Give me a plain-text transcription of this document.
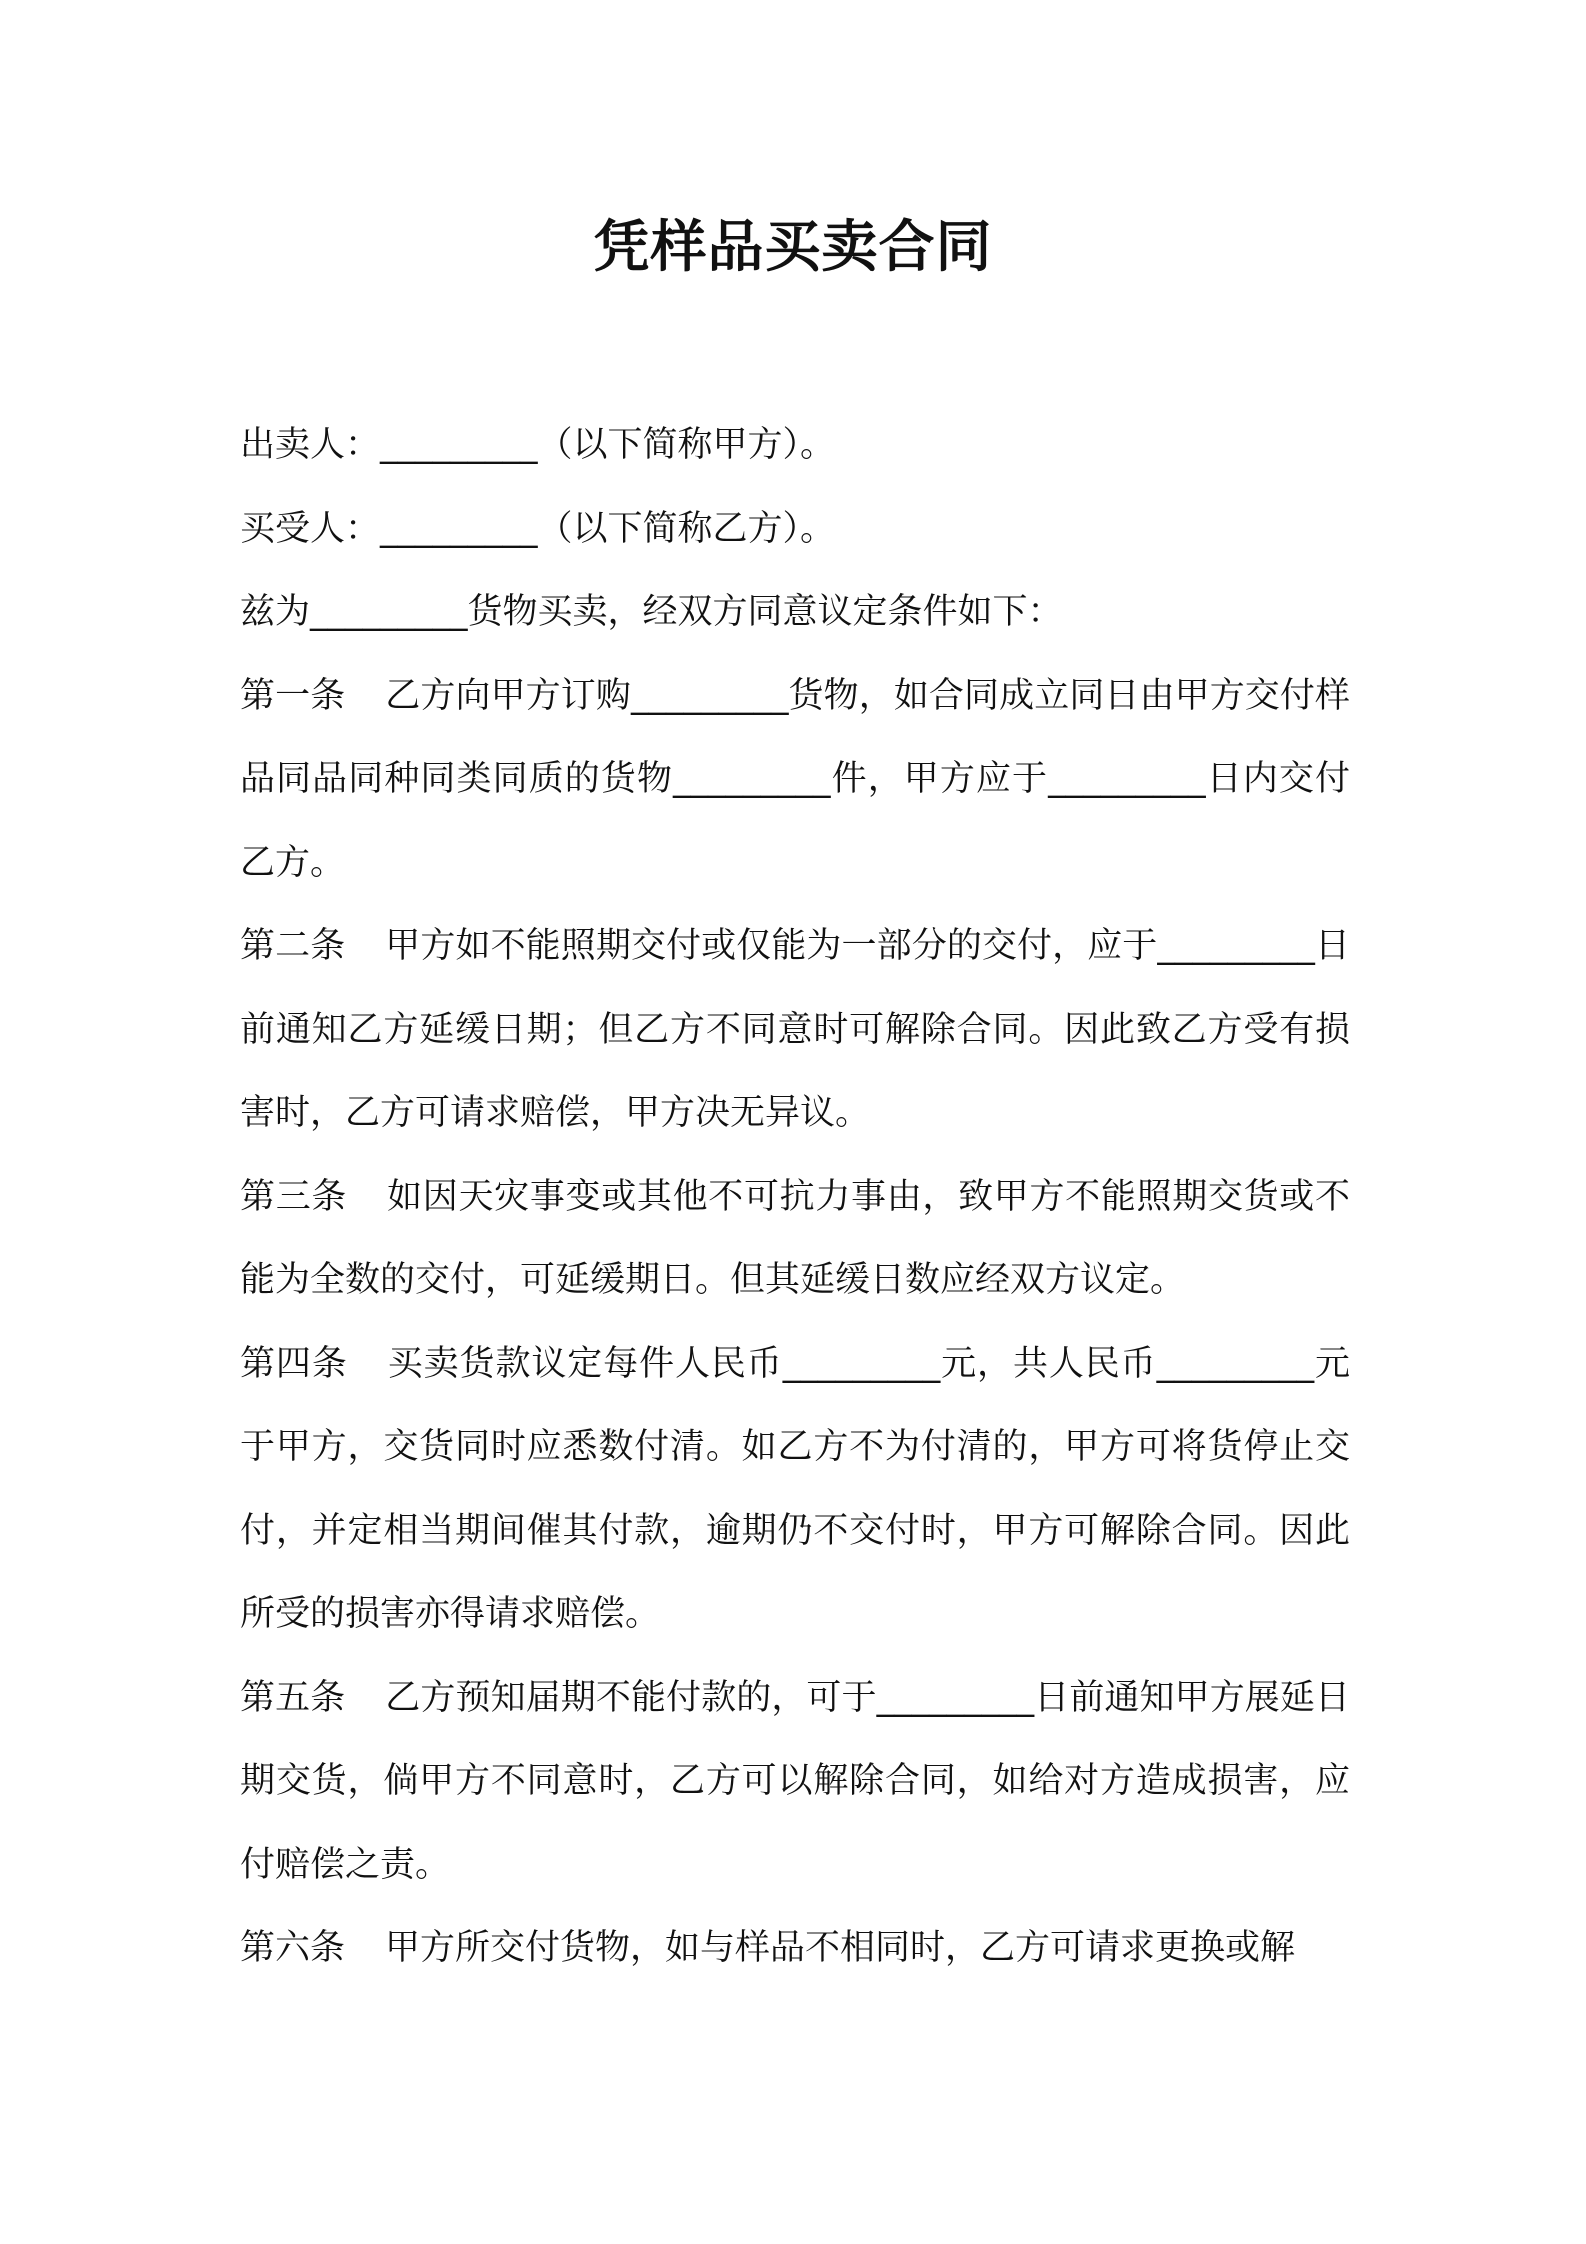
凭样品买卖合同

出卖人：_________（以下简称甲方）。

买受人：_________（以下简称乙方）。

兹为_________货物买卖，经双方同意议定条件如下：

第一条 乙方向甲方订购_________货物，如合同成立同日由甲方交付样品同品同种同类同质的货物_________件，甲方应于_________日内交付乙方。

第二条 甲方如不能照期交付或仅能为一部分的交付，应于_________日前通知乙方延缓日期；但乙方不同意时可解除合同。因此致乙方受有损害时，乙方可请求赔偿，甲方决无异议。

第三条 如因天灾事变或其他不可抗力事由，致甲方不能照期交货或不能为全数的交付，可延缓期日。但其延缓日数应经双方议定。

第四条 买卖货款议定每件人民币_________元，共人民币_________元于甲方，交货同时应悉数付清。如乙方不为付清的，甲方可将货停止交付，并定相当期间催其付款，逾期仍不交付时，甲方可解除合同。因此所受的损害亦得请求赔偿。

第五条 乙方预知届期不能付款的，可于_________日前通知甲方展延日期交货，倘甲方不同意时，乙方可以解除合同，如给对方造成损害，应付赔偿之责。

第六条 甲方所交付货物，如与样品不相同时，乙方可请求更换或解
